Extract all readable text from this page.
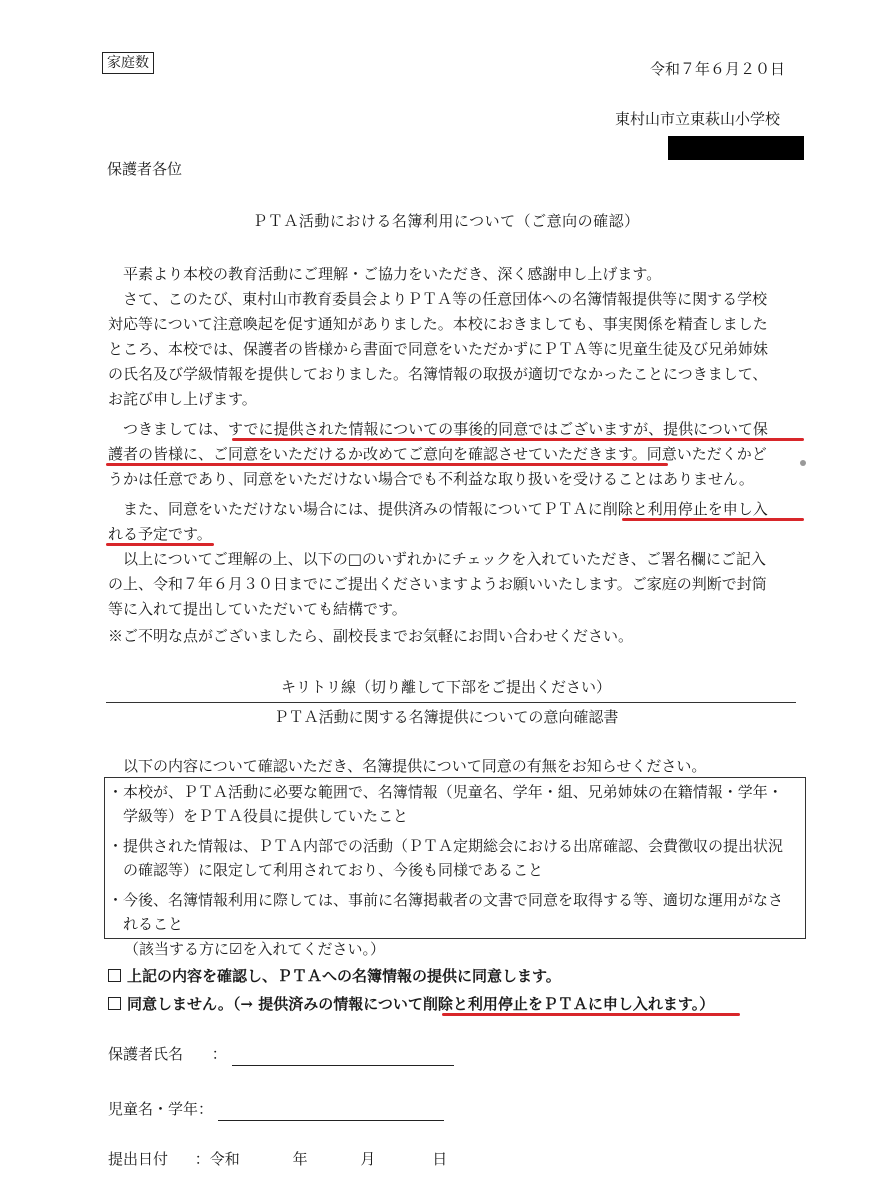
家庭数	令和７年６月２０日
東村山市立東萩山小学校
保護者各位
ＰＴＡ活動における名簿利用について（ご意向の確認）
　平素より本校の教育活動にご理解・ご協力をいただき、深く感謝申し上げます。
　さて、このたび、東村山市教育委員会よりＰＴＡ等の任意団体への名簿情報提供等に関する学校
対応等について注意喚起を促す通知がありました。本校におきましても、事実関係を精査しました
ところ、本校では、保護者の皆様から書面で同意をいただかずにＰＴＡ等に児童生徒及び兄弟姉妹
の氏名及び学級情報を提供しておりました。名簿情報の取扱が適切でなかったことにつきまして、
お詫び申し上げます。
　つきましては、すでに提供された情報についての事後的同意ではございますが、提供について保
護者の皆様に、ご同意をいただけるか改めてご意向を確認させていただきます。同意いただくかど
うかは任意であり、同意をいただけない場合でも不利益な取り扱いを受けることはありません。
　また、同意をいただけない場合には、提供済みの情報についてＰＴＡに削除と利用停止を申し入
れる予定です。
　以上についてご理解の上、以下の□のいずれかにチェックを入れていただき、ご署名欄にご記入
の上、令和７年６月３０日までにご提出くださいますようお願いいたします。ご家庭の判断で封筒
等に入れて提出していただいても結構です。
※ご不明な点がございましたら、副校長までお気軽にお問い合わせください。
キリトリ線（切り離して下部をご提出ください）
ＰＴＡ活動に関する名簿提供についての意向確認書
　以下の内容について確認いただき、名簿提供について同意の有無をお知らせください。
・本校が、ＰＴＡ活動に必要な範囲で、名簿情報（児童名、学年・組、兄弟姉妹の在籍情報・学年・
　学級等）をＰＴＡ役員に提供していたこと
・提供された情報は、ＰＴＡ内部での活動（ＰＴＡ定期総会における出席確認、会費徴収の提出状況
　の確認等）に限定して利用されており、今後も同様であること
・今後、名簿情報利用に際しては、事前に名簿掲載者の文書で同意を取得する等、適切な運用がなさ
　れること
（該当する方に☑を入れてください。）
上記の内容を確認し、ＰＴＡへの名簿情報の提供に同意します。
同意しません。（→ 提供済みの情報について削除と利用停止をＰＴＡに申し入れます。）
保護者氏名 ：
児童名・学年：
提出日付 ：令和	年	月	日
